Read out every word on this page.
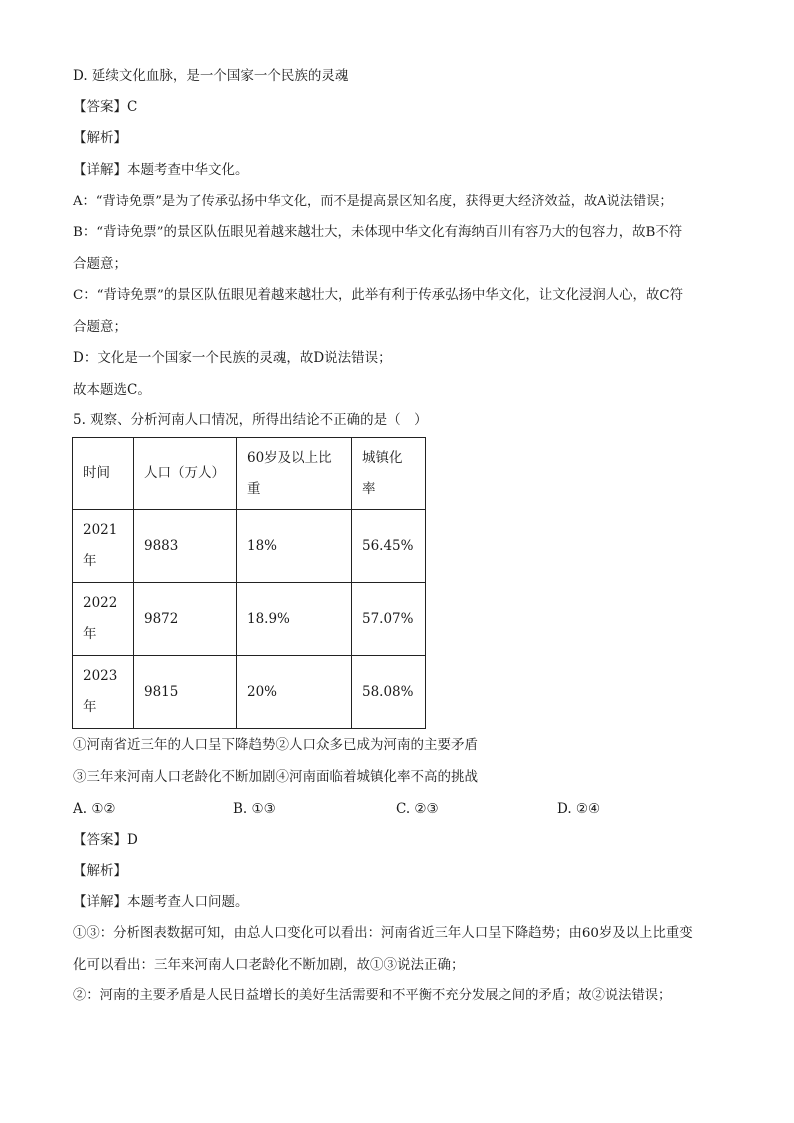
D. 延续文化血脉，是一个国家一个民族的灵魂
【答案】C
【解析】
【详解】本题考查中华文化。
A：“背诗免票”是为了传承弘扬中华文化，而不是提高景区知名度，获得更大经济效益，故A说法错误；
B：“背诗免票”的景区队伍眼见着越来越壮大，未体现中华文化有海纳百川有容乃大的包容力，故B不符
合题意；
C：“背诗免票”的景区队伍眼见着越来越壮大，此举有利于传承弘扬中华文化，让文化浸润人心，故C符
合题意；
D：文化是一个国家一个民族的灵魂，故D说法错误；
故本题选C。
5. 观察、分析河南人口情况，所得出结论不正确的是（　）
时间	人口（万人）	60岁及以上比重	城镇化率
2021年	9883	18%	56.45%
2022年	9872	18.9%	57.07%
2023年	9815	20%	58.08%
①河南省近三年的人口呈下降趋势②人口众多已成为河南的主要矛盾
③三年来河南人口老龄化不断加剧④河南面临着城镇化率不高的挑战
A. ①②	B. ①③	C. ②③	D. ②④
【答案】D
【解析】
【详解】本题考查人口问题。
①③：分析图表数据可知，由总人口变化可以看出：河南省近三年人口呈下降趋势；由60岁及以上比重变
化可以看出：三年来河南人口老龄化不断加剧，故①③说法正确；
②：河南的主要矛盾是人民日益增长的美好生活需要和不平衡不充分发展之间的矛盾；故②说法错误；
